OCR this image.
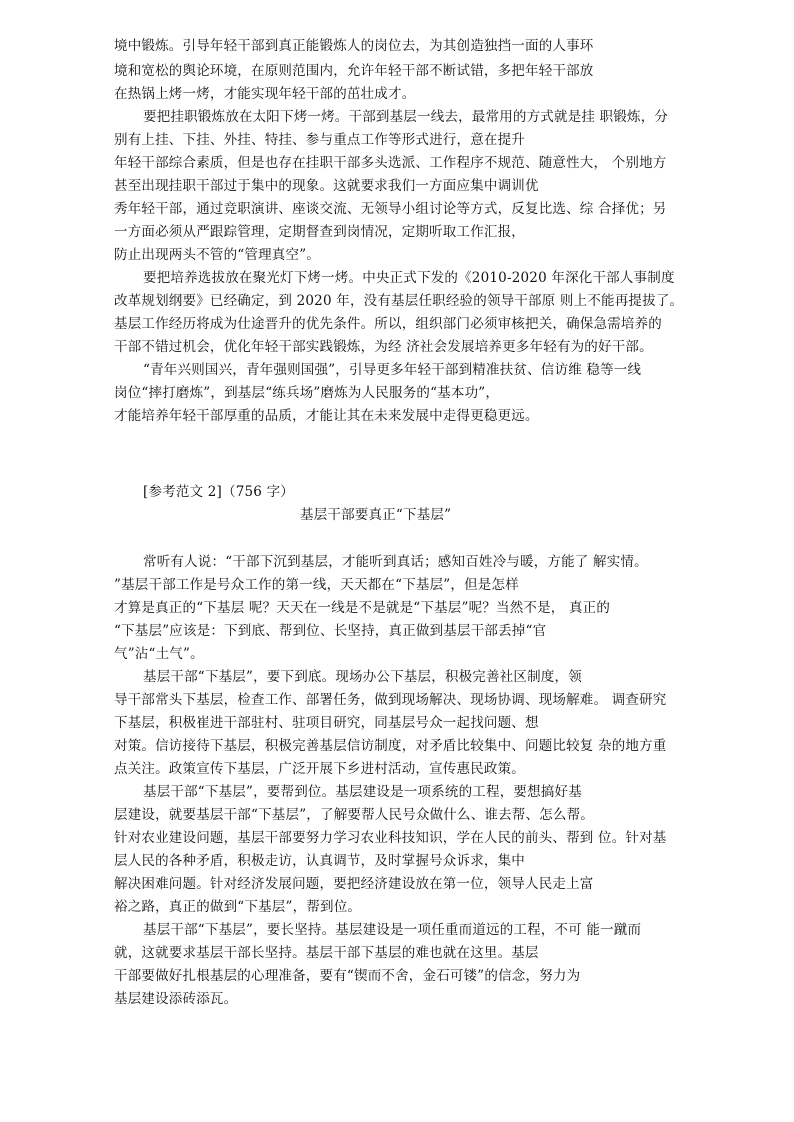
境中锻炼。引导年轻干部到真正能锻炼人的岗位去，为其创造独挡一面的人事环
境和宽松的舆论环境，在原则范围内，允许年轻干部不断试错，多把年轻干部放
在热锅上烤一烤，才能实现年轻干部的茁壮成才。
要把挂职锻炼放在太阳下烤一烤。干部到基层一线去，最常用的方式就是挂 职锻炼，分
别有上挂、下挂、外挂、特挂、参与重点工作等形式进行，意在提升
年轻干部综合素质，但是也存在挂职干部多头选派、工作程序不规范、随意性大， 个别地方
甚至出现挂职干部过于集中的现象。这就要求我们一方面应集中调训优
秀年轻干部，通过竞职演讲、座谈交流、无领导小组讨论等方式，反复比选、综 合择优；另
一方面必须从严跟踪管理，定期督查到岗情况，定期听取工作汇报，
防止出现两头不管的“管理真空”。
要把培养选拔放在聚光灯下烤一烤。中央正式下发的《2010-2020 年深化干部人事制度
改革规划纲要》已经确定，到 2020 年，没有基层任职经验的领导干部原 则上不能再提拔了。
基层工作经历将成为仕途晋升的优先条件。所以，组织部门必须审核把关，确保急需培养的
干部不错过机会，优化年轻干部实践锻炼，为经 济社会发展培养更多年轻有为的好干部。
“青年兴则国兴，青年强则国强”，引导更多年轻干部到精准扶贫、信访维 稳等一线
岗位“摔打磨炼”，到基层“练兵场”磨炼为人民服务的“基本功”，
才能培养年轻干部厚重的品质，才能让其在未来发展中走得更稳更远。
[参考范文 2]（756 字）
基层干部要真正“下基层”
常听有人说：“干部下沉到基层，才能听到真话；感知百姓冷与暖，方能了 解实情。
”基层干部工作是号众工作的第一线，天天都在“下基层”，但是怎样
才算是真正的“下基层 呢？天天在一线是不是就是“下基层”呢？当然不是， 真正的
“下基层”应该是：下到底、帮到位、长坚持，真正做到基层干部丢掉“官
气”沾“土气”。
基层干部“下基层”，要下到底。现场办公下基层，积极完善社区制度，领
导干部常头下基层，检查工作、部署任务，做到现场解决、现场协调、现场解难。 调查研究
下基层，积极崔进干部驻村、驻项目研究，同基层号众一起找问题、想
对策。信访接待下基层，积极完善基层信访制度，对矛盾比较集中、问题比较复 杂的地方重
点关注。政策宣传下基层，广泛开展下乡进村活动，宣传惠民政策。
基层干部“下基层”，要帮到位。基层建设是一项系统的工程，要想搞好基
层建设，就要基层干部“下基层”，了解要帮人民号众做什么、谁去帮、怎么帮。
针对农业建设问题，基层干部要努力学习农业科技知识，学在人民的前头、帮到 位。针对基
层人民的各种矛盾，积极走访，认真调节，及时掌握号众诉求，集中
解决困难问题。针对经济发展问题，要把经济建设放在第一位，领导人民走上富
裕之路，真正的做到“下基层”，帮到位。
基层干部“下基层”，要长坚持。基层建设是一项任重而道远的工程，不可 能一蹴而
就，这就要求基层干部长坚持。基层干部下基层的难也就在这里。基层
干部要做好扎根基层的心理准备，要有“锲而不舍，金石可镂”的信念，努力为
基层建设添砖添瓦。
